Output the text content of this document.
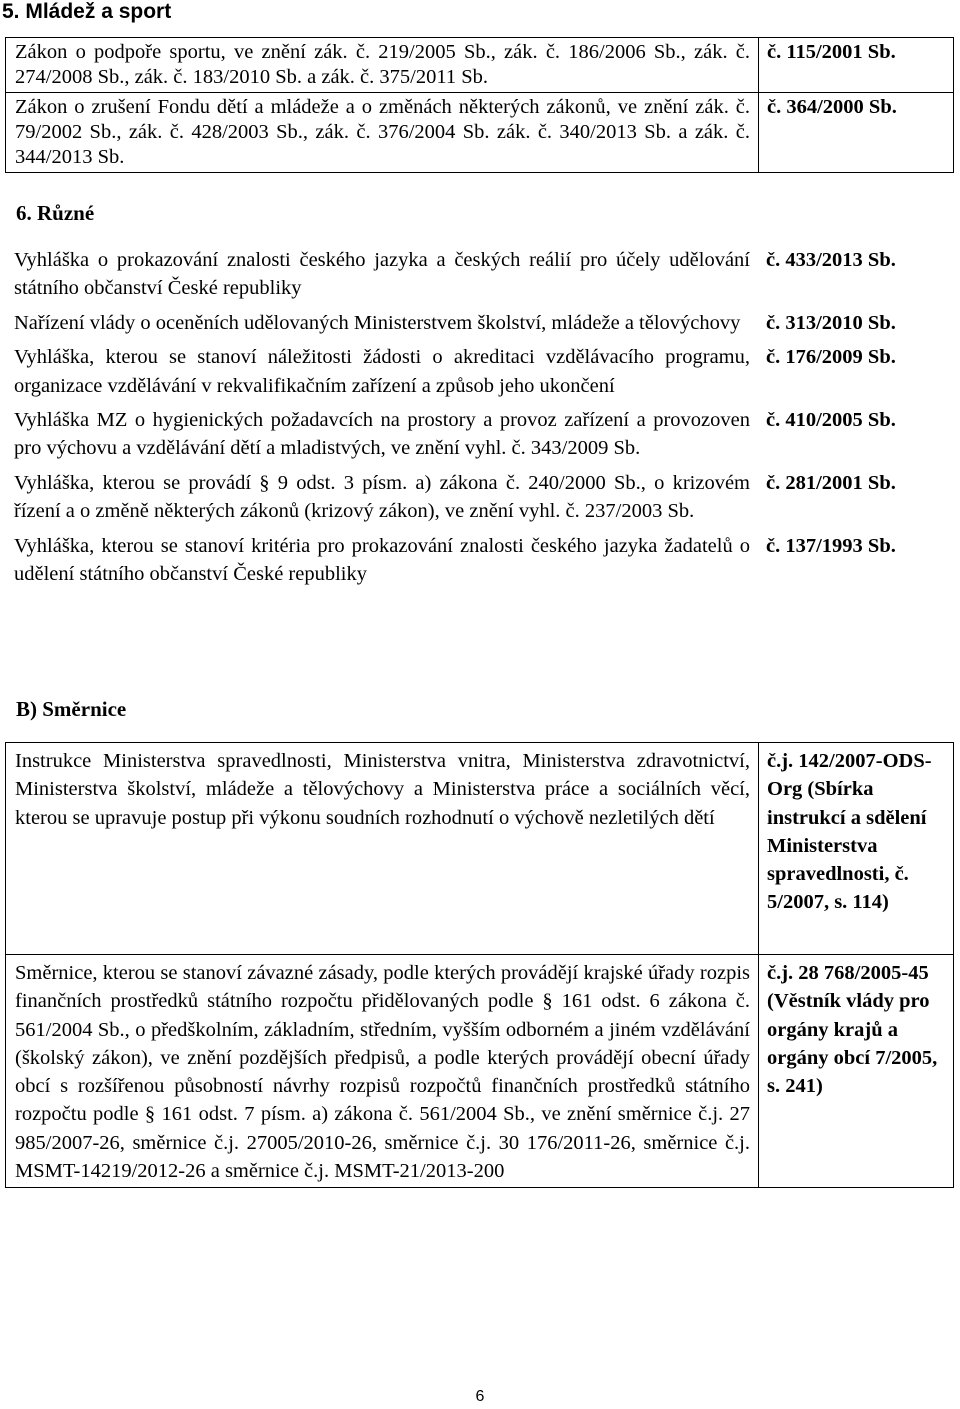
5. Mládež a sport
Zákon o podpoře sportu, ve znění zák. č. 219/2005 Sb., zák. č. 186/2006 Sb., zák. č. 274/2008 Sb., zák. č. 183/2010 Sb. a zák. č. 375/2011 Sb.	č. 115/2001 Sb.
Zákon o zrušení Fondu dětí a mládeže a o změnách některých zákonů, ve znění zák. č. 79/2002 Sb., zák. č. 428/2003 Sb., zák. č. 376/2004 Sb. zák. č. 340/2013 Sb. a zák. č. 344/2013 Sb.	č. 364/2000 Sb.
6. Různé
Vyhláška o prokazování znalosti českého jazyka a českých reálií pro účely udělování státního občanství České republiky	č. 433/2013 Sb.
Nařízení vlády o oceněních udělovaných Ministerstvem školství, mládeže a tělovýchovy	č. 313/2010 Sb.
Vyhláška, kterou se stanoví náležitosti žádosti o akreditaci vzdělávacího programu, organizace vzdělávání v rekvalifikačním zařízení a způsob jeho ukončení	č. 176/2009 Sb.
Vyhláška MZ o hygienických požadavcích na prostory a provoz zařízení a provozoven pro výchovu a vzdělávání dětí a mladistvých, ve znění vyhl. č. 343/2009 Sb.	č. 410/2005 Sb.
Vyhláška, kterou se provádí § 9 odst. 3 písm. a) zákona č. 240/2000 Sb., o krizovém řízení a o změně některých zákonů (krizový zákon), ve znění vyhl. č. 237/2003 Sb.	č. 281/2001 Sb.
Vyhláška, kterou se stanoví kritéria pro prokazování znalosti českého jazyka žadatelů o udělení státního občanství České republiky	č. 137/1993 Sb.
B) Směrnice
Instrukce Ministerstva spravedlnosti, Ministerstva vnitra, Ministerstva zdravotnictví, Ministerstva školství, mládeže a tělovýchovy a Ministerstva práce a sociálních věcí, kterou se upravuje postup při výkonu soudních rozhodnutí o výchově nezletilých dětí	č.j. 142/2007-ODS-Org (Sbírka instrukcí a sdělení Ministerstva spravedlnosti, č. 5/2007, s. 114)
Směrnice, kterou se stanoví závazné zásady, podle kterých provádějí krajské úřady rozpis finančních prostředků státního rozpočtu přidělovaných podle § 161 odst. 6 zákona č. 561/2004 Sb., o předškolním, základním, středním, vyšším odborném a jiném vzdělávání (školský zákon), ve znění pozdějších předpisů, a podle kterých provádějí obecní úřady obcí s rozšířenou působností návrhy rozpisů rozpočtů finančních prostředků státního rozpočtu podle § 161 odst. 7 písm. a) zákona č. 561/2004 Sb., ve znění směrnice č.j. 27 985/2007-26, směrnice č.j. 27005/2010-26, směrnice č.j. 30 176/2011-26, směrnice č.j. MSMT-14219/2012-26 a směrnice č.j. MSMT-21/2013-200	č.j. 28 768/2005-45 (Věstník vlády pro orgány krajů a orgány obcí 7/2005, s. 241)
6
